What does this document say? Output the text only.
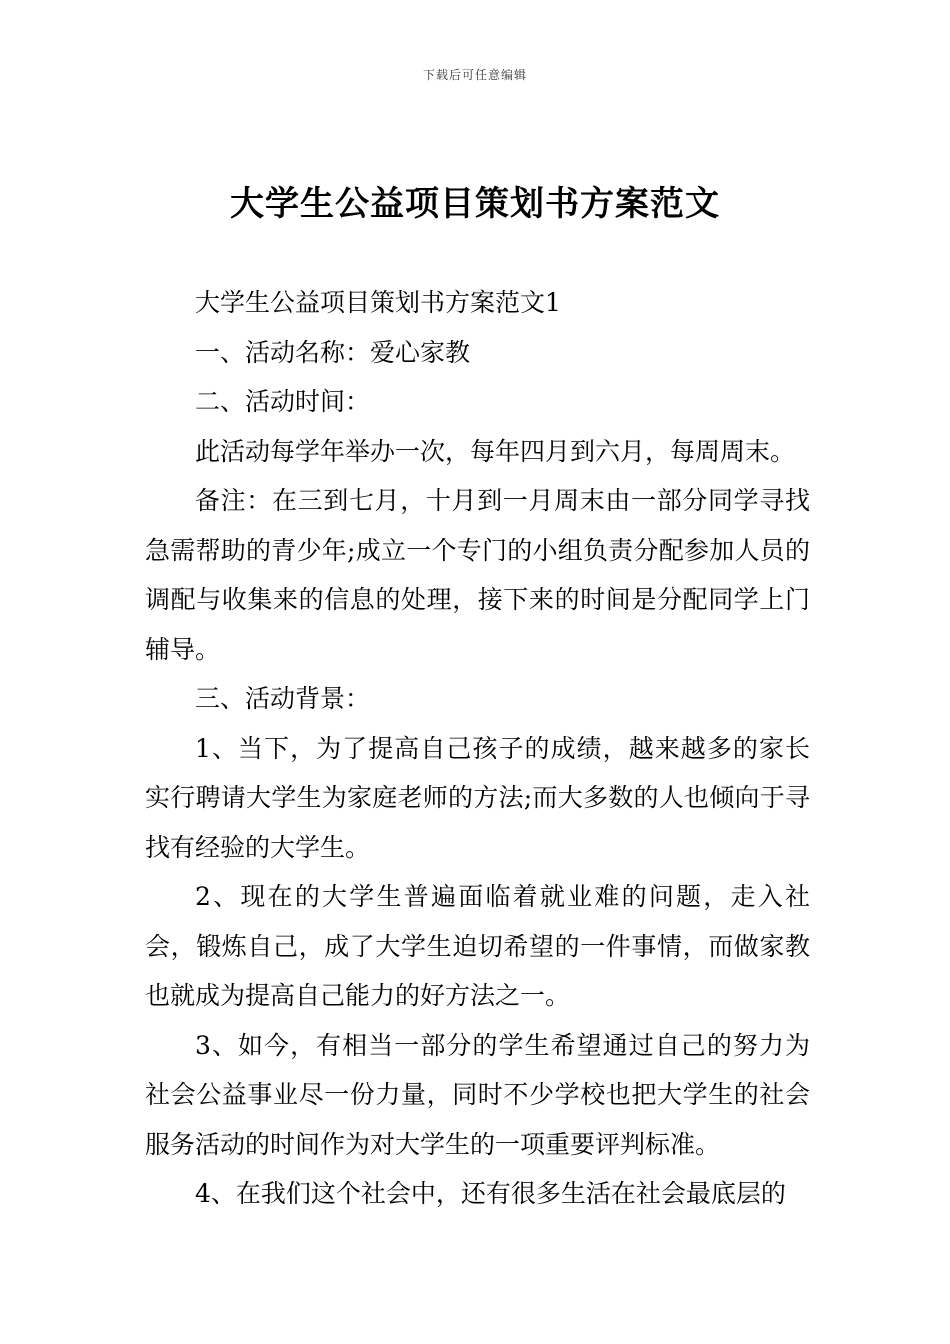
下载后可任意编辑
大学生公益项目策划书方案范文

大学生公益项目策划书方案范文1

一、活动名称：爱心家教

二、活动时间：

此活动每学年举办一次，每年四月到六月，每周周末。

备注：在三到七月，十月到一月周末由一部分同学寻找急需帮助的青少年;成立一个专门的小组负责分配参加人员的调配与收集来的信息的处理，接下来的时间是分配同学上门辅导。

三、活动背景：

1、当下，为了提高自己孩子的成绩，越来越多的家长实行聘请大学生为家庭老师的方法;而大多数的人也倾向于寻找有经验的大学生。

2、现在的大学生普遍面临着就业难的问题，走入社会，锻炼自己，成了大学生迫切希望的一件事情，而做家教也就成为提高自己能力的好方法之一。

3、如今，有相当一部分的学生希望通过自己的努力为社会公益事业尽一份力量，同时不少学校也把大学生的社会服务活动的时间作为对大学生的一项重要评判标准。

4、在我们这个社会中，还有很多生活在社会最底层的
